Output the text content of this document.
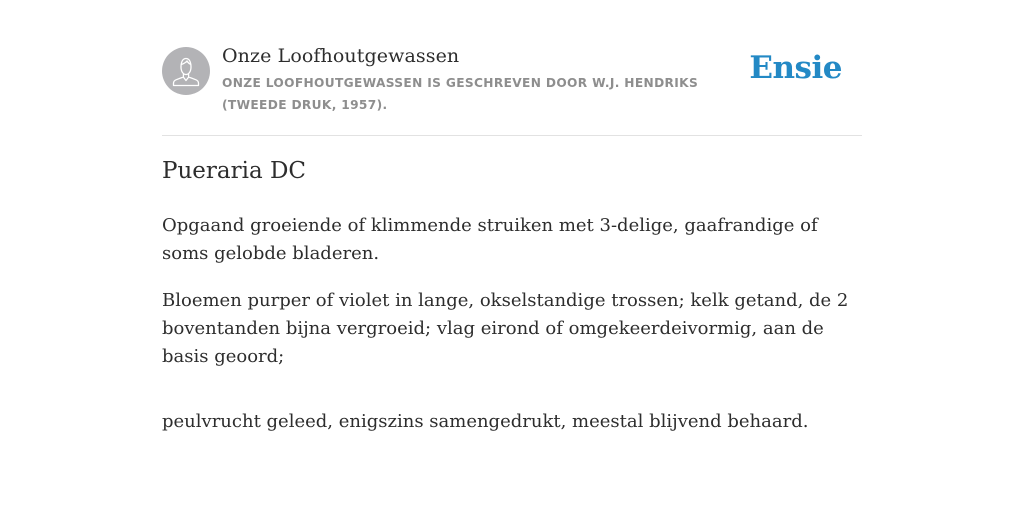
Onze Loofhoutgewassen
ONZE LOOFHOUTGEWASSEN IS GESCHREVEN DOOR W.J. HENDRIKS (TWEEDE DRUK, 1957).
Ensie
Pueraria DC

Opgaand groeiende of klimmende struiken met 3-delige, gaafrandige of soms gelobde bladeren.

Bloemen purper of violet in lange, okselstandige trossen; kelk getand, de 2 boventanden bijna vergroeid; vlag eirond of omgekeerdeivormig, aan de basis geoord;

peulvrucht geleed, enigszins samengedrukt, meestal blijvend behaard.
